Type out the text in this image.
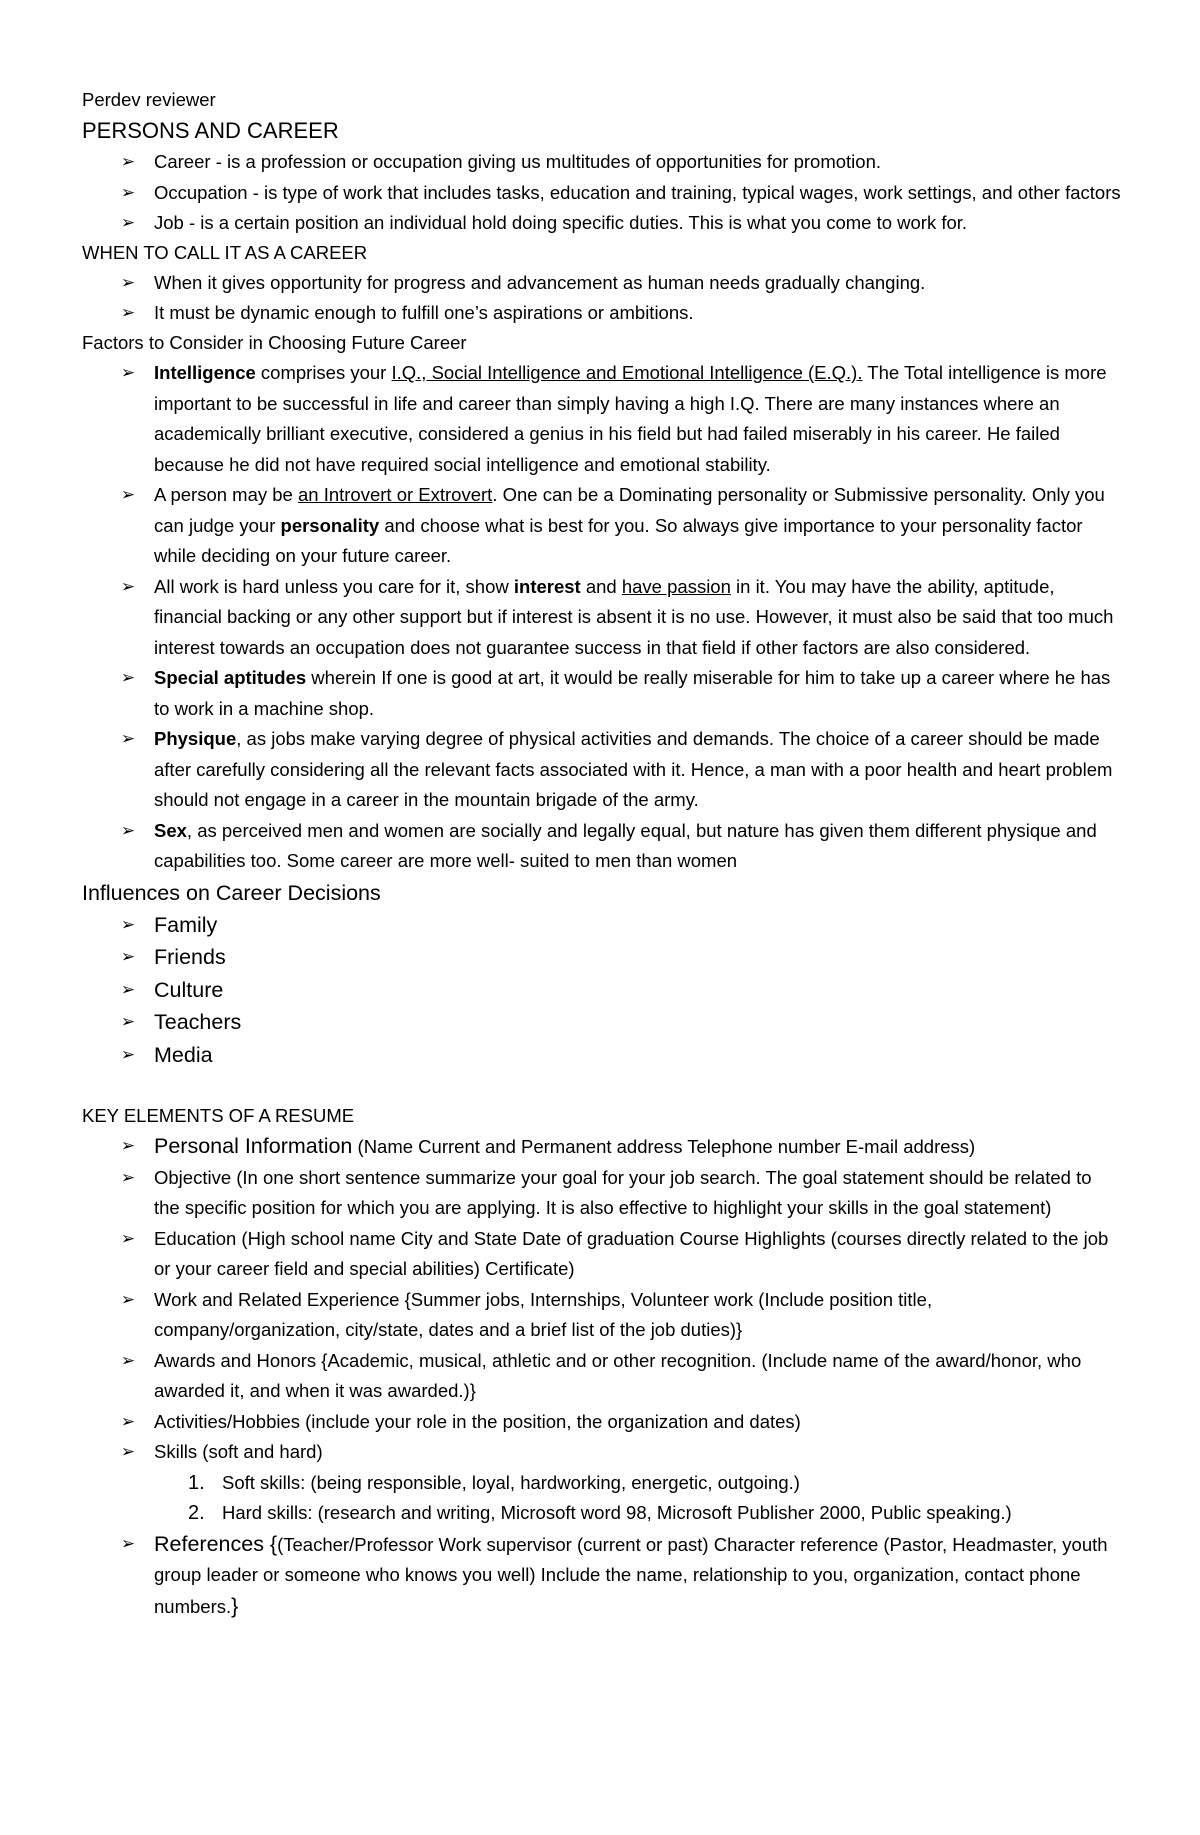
Perdev reviewer
PERSONS AND CAREER
➢ Career - is a profession or occupation giving us multitudes of opportunities for promotion.
➢ Occupation - is type of work that includes tasks, education and training, typical wages, work settings, and other factors
➢ Job - is a certain position an individual hold doing specific duties. This is what you come to work for.
WHEN TO CALL IT AS A CAREER
➢ When it gives opportunity for progress and advancement as human needs gradually changing.
➢ It must be dynamic enough to fulfill one’s aspirations or ambitions.
Factors to Consider in Choosing Future Career
➢ Intelligence comprises your I.Q., Social Intelligence and Emotional Intelligence (E.Q.). The Total intelligence is more important to be successful in life and career than simply having a high I.Q. There are many instances where an academically brilliant executive, considered a genius in his field but had failed miserably in his career. He failed because he did not have required social intelligence and emotional stability.
➢ A person may be an Introvert or Extrovert. One can be a Dominating personality or Submissive personality. Only you can judge your personality and choose what is best for you. So always give importance to your personality factor while deciding on your future career.
➢ All work is hard unless you care for it, show interest and have passion in it. You may have the ability, aptitude, financial backing or any other support but if interest is absent it is no use. However, it must also be said that too much interest towards an occupation does not guarantee success in that field if other factors are also considered.
➢ Special aptitudes wherein If one is good at art, it would be really miserable for him to take up a career where he has to work in a machine shop.
➢ Physique, as jobs make varying degree of physical activities and demands. The choice of a career should be made after carefully considering all the relevant facts associated with it. Hence, a man with a poor health and heart problem should not engage in a career in the mountain brigade of the army.
➢ Sex, as perceived men and women are socially and legally equal, but nature has given them different physique and capabilities too. Some career are more well- suited to men than women
Influences on Career Decisions
➢ Family
➢ Friends
➢ Culture
➢ Teachers
➢ Media
KEY ELEMENTS OF A RESUME
➢ Personal Information (Name Current and Permanent address Telephone number E-mail address)
➢ Objective (In one short sentence summarize your goal for your job search. The goal statement should be related to the specific position for which you are applying. It is also effective to highlight your skills in the goal statement)
➢ Education (High school name City and State Date of graduation Course Highlights (courses directly related to the job or your career field and special abilities) Certificate)
➢ Work and Related Experience {Summer jobs, Internships, Volunteer work (Include position title, company/organization, city/state, dates and a brief list of the job duties)}
➢ Awards and Honors {Academic, musical, athletic and or other recognition. (Include name of the award/honor, who awarded it, and when it was awarded.)}
➢ Activities/Hobbies (include your role in the position, the organization and dates)
➢ Skills (soft and hard)
1. Soft skills: (being responsible, loyal, hardworking, energetic, outgoing.)
2. Hard skills: (research and writing, Microsoft word 98, Microsoft Publisher 2000, Public speaking.)
➢ References {(Teacher/Professor Work supervisor (current or past) Character reference (Pastor, Headmaster, youth group leader or someone who knows you well) Include the name, relationship to you, organization, contact phone numbers.}
